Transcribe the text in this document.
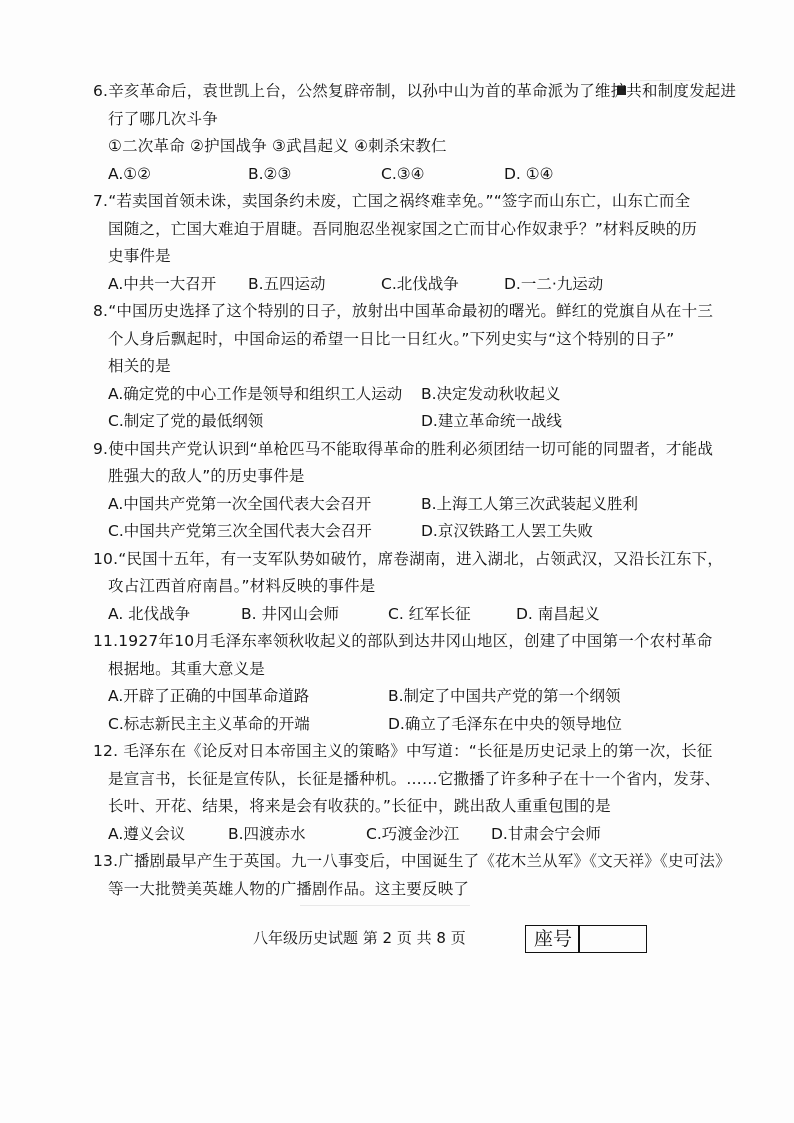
6.辛亥革命后，袁世凯上台，公然复辟帝制，以孙中山为首的革命派为了维护共和制度发起进
行了哪几次斗争
①二次革命 ②护国战争 ③武昌起义 ④刺杀宋教仁
A.①②	B.②③	C.③④	D. ①④
7.“若卖国首领未诛，卖国条约未废，亡国之祸终难幸免。”“签字而山东亡，山东亡而全
国随之，亡国大难迫于眉睫。吾同胞忍坐视家国之亡而甘心作奴隶乎？”材料反映的历
史事件是
A.中共一大召开 B.五四运动	C.北伐战争	D.一二·九运动
8.“中国历史选择了这个特别的日子，放射出中国革命最初的曙光。鲜红的党旗自从在十三
个人身后飘起时，中国命运的希望一日比一日红火。”下列史实与“这个特别的日子”
相关的是
A.确定党的中心工作是领导和组织工人运动 B.决定发动秋收起义
C.制定了党的最低纲领	D.建立革命统一战线
9.使中国共产党认识到“单枪匹马不能取得革命的胜利必须团结一切可能的同盟者，才能战
胜强大的敌人”的历史事件是
A.中国共产党第一次全国代表大会召开	B.上海工人第三次武装起义胜利
C.中国共产党第三次全国代表大会召开	D.京汉铁路工人罢工失败
10.“民国十五年，有一支军队势如破竹，席卷湖南，进入湖北，占领武汉，又沿长江东下，
攻占江西首府南昌。”材料反映的事件是
A. 北伐战争	B. 井冈山会师	C. 红军长征	D. 南昌起义
11.1927年10月毛泽东率领秋收起义的部队到达井冈山地区，创建了中国第一个农村革命
根据地。其重大意义是
A.开辟了正确的中国革命道路	B.制定了中国共产党的第一个纲领
C.标志新民主主义革命的开端	D.确立了毛泽东在中央的领导地位
12. 毛泽东在《论反对日本帝国主义的策略》中写道：“长征是历史记录上的第一次，长征
是宣言书，长征是宣传队，长征是播种机。……它撒播了许多种子在十一个省内，发芽、
长叶、开花、结果，将来是会有收获的。”长征中，跳出敌人重重包围的是
A.遵义会议	B.四渡赤水	C.巧渡金沙江 D.甘肃会宁会师
13.广播剧最早产生于英国。九一八事变后，中国诞生了《花木兰从军》《文天祥》《史可法》
等一大批赞美英雄人物的广播剧作品。这主要反映了
八年级历史试题 第 2 页 共 8 页	座号
